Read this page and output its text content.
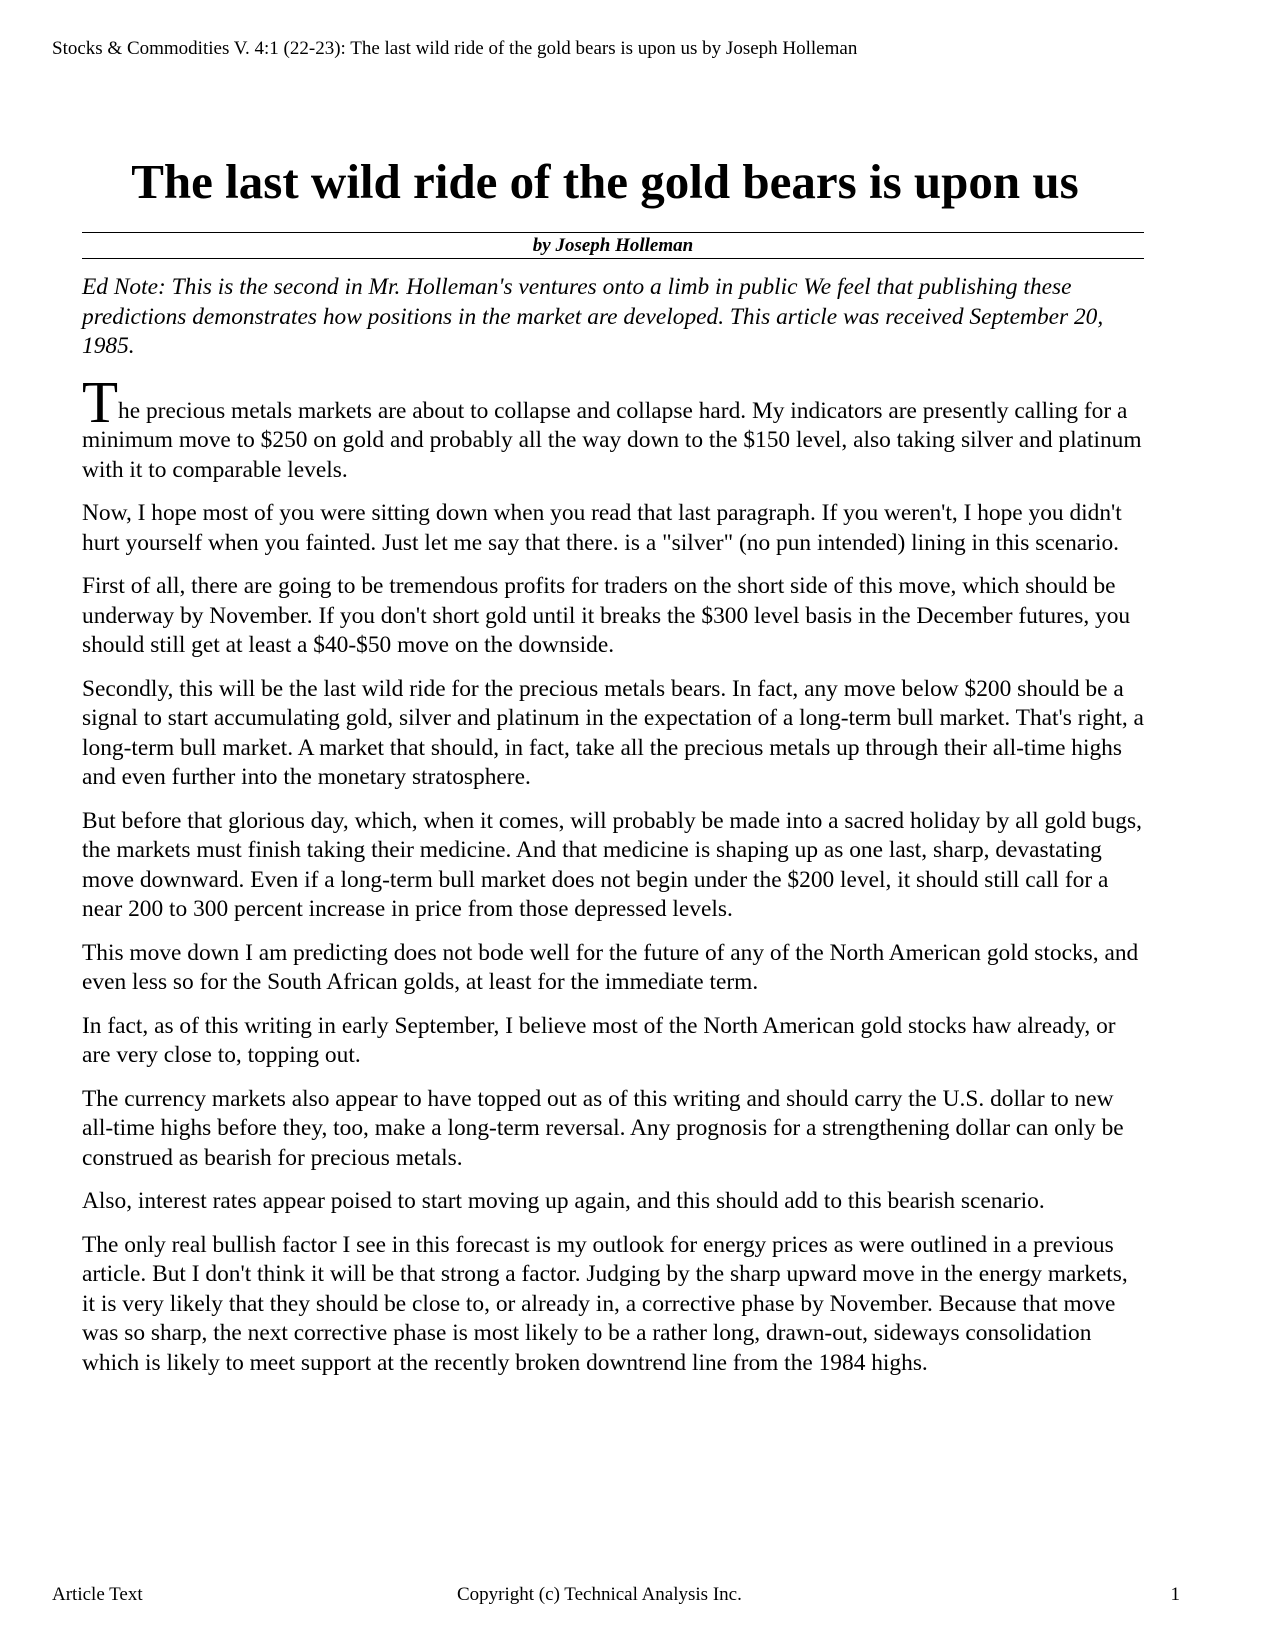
Stocks & Commodities V. 4:1 (22-23): The last wild ride of the gold bears is upon us by Joseph Holleman
The last wild ride of the gold bears is upon us
by Joseph Holleman

Ed Note: This is the second in Mr. Holleman's ventures onto a limb in public We feel that publishing these predictions demonstrates how positions in the market are developed. This article was received September 20, 1985.

The precious metals markets are about to collapse and collapse hard. My indicators are presently calling for a minimum move to $250 on gold and probably all the way down to the $150 level, also taking silver and platinum with it to comparable levels.

Now, I hope most of you were sitting down when you read that last paragraph. If you weren't, I hope you didn't hurt yourself when you fainted. Just let me say that there. is a "silver" (no pun intended) lining in this scenario.

First of all, there are going to be tremendous profits for traders on the short side of this move, which should be underway by November. If you don't short gold until it breaks the $300 level basis in the December futures, you should still get at least a $40-$50 move on the downside.

Secondly, this will be the last wild ride for the precious metals bears. In fact, any move below $200 should be a signal to start accumulating gold, silver and platinum in the expectation of a long-term bull market. That's right, a long-term bull market. A market that should, in fact, take all the precious metals up through their all-time highs and even further into the monetary stratosphere.

But before that glorious day, which, when it comes, will probably be made into a sacred holiday by all gold bugs, the markets must finish taking their medicine. And that medicine is shaping up as one last, sharp, devastating move downward. Even if a long-term bull market does not begin under the $200 level, it should still call for a near 200 to 300 percent increase in price from those depressed levels.

This move down I am predicting does not bode well for the future of any of the North American gold stocks, and even less so for the South African golds, at least for the immediate term.

In fact, as of this writing in early September, I believe most of the North American gold stocks haw already, or are very close to, topping out.

The currency markets also appear to have topped out as of this writing and should carry the U.S. dollar to new all-time highs before they, too, make a long-term reversal. Any prognosis for a strengthening dollar can only be construed as bearish for precious metals.

Also, interest rates appear poised to start moving up again, and this should add to this bearish scenario.

The only real bullish factor I see in this forecast is my outlook for energy prices as were outlined in a previous article. But I don't think it will be that strong a factor. Judging by the sharp upward move in the energy markets, it is very likely that they should be close to, or already in, a corrective phase by November. Because that move was so sharp, the next corrective phase is most likely to be a rather long, drawn-out, sideways consolidation which is likely to meet support at the recently broken downtrend line from the 1984 highs.

Article Text	Copyright (c) Technical Analysis Inc.	1
